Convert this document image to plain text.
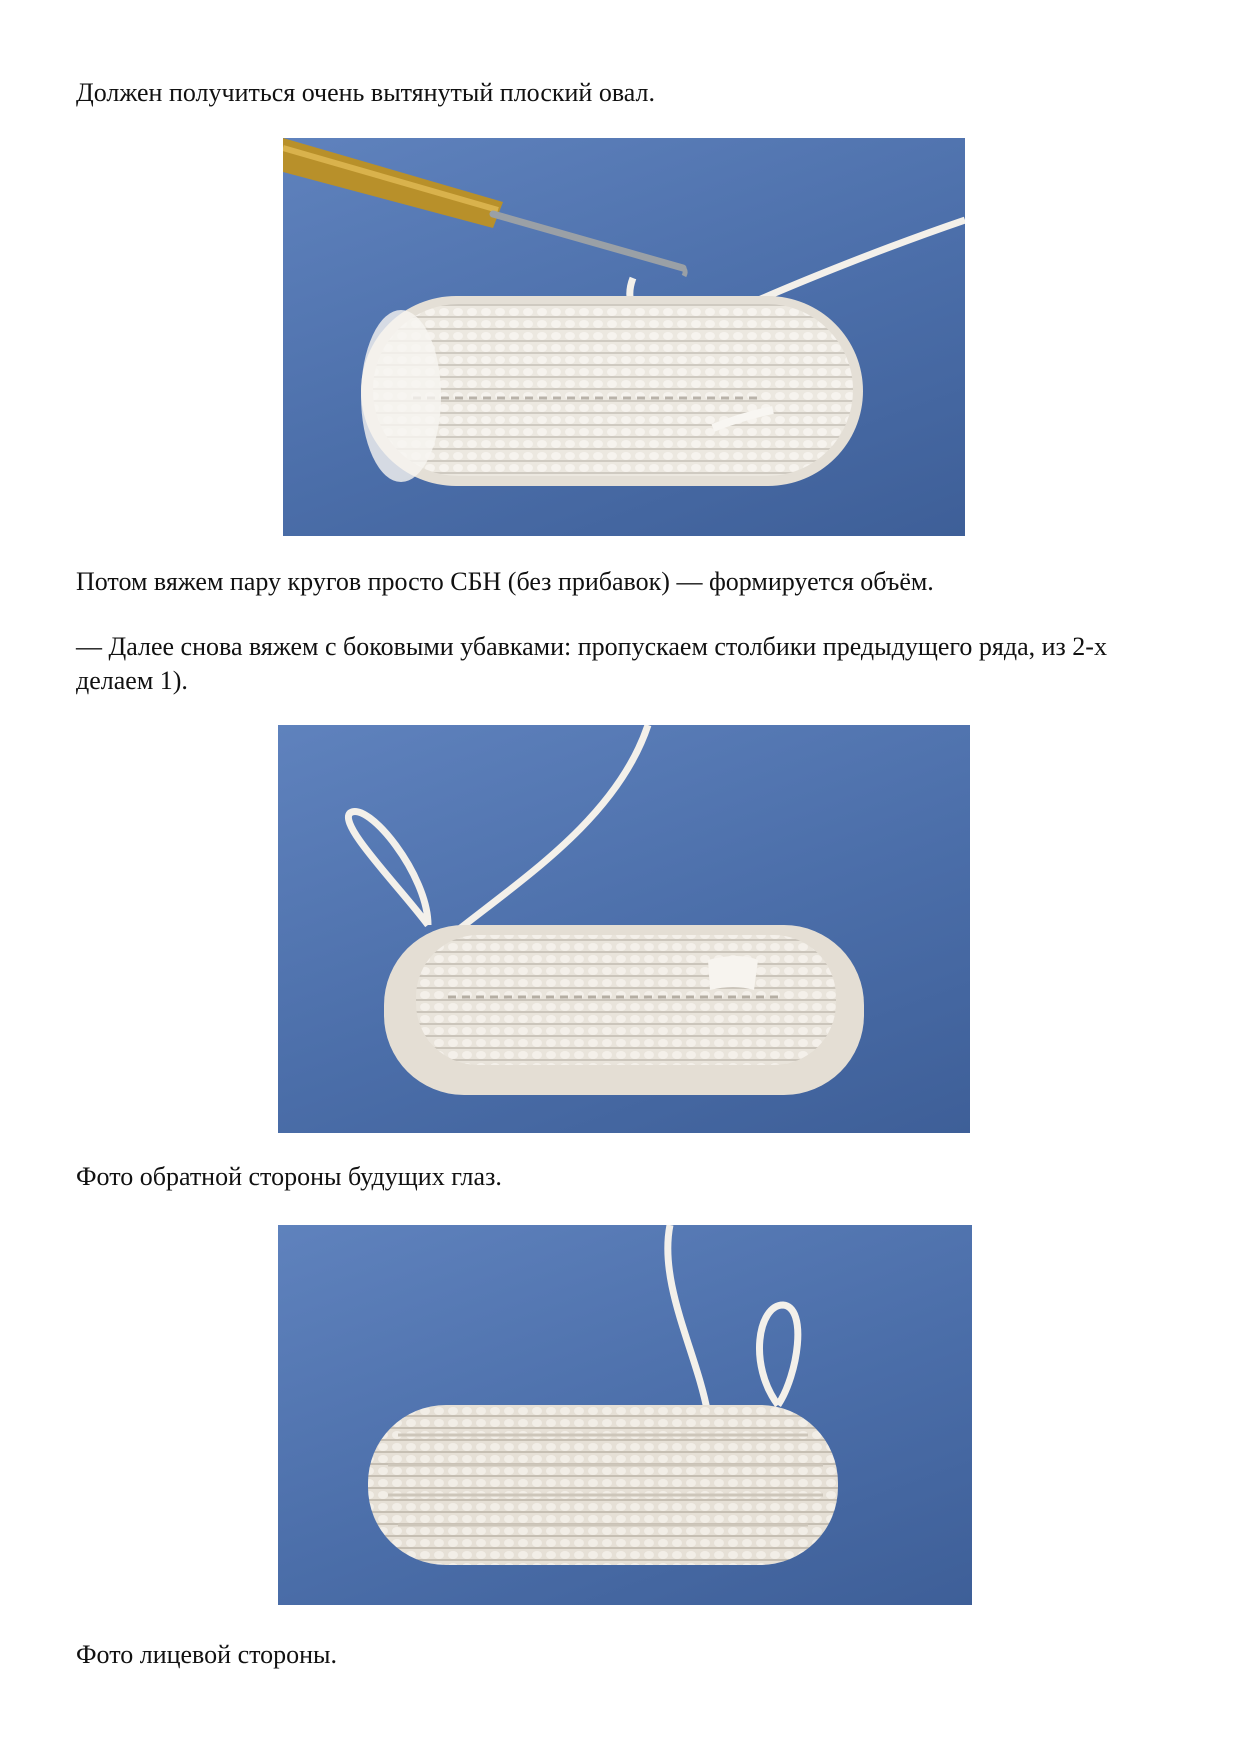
Должен получиться очень вытянутый плоский овал.

Потом вяжем пару кругов просто СБН (без прибавок) — формируется объём.

— Далее снова вяжем с боковыми убавками: пропускаем столбики предыдущего ряда, из 2-х делаем 1).

Фото обратной стороны будущих глаз.

Фото лицевой стороны.
